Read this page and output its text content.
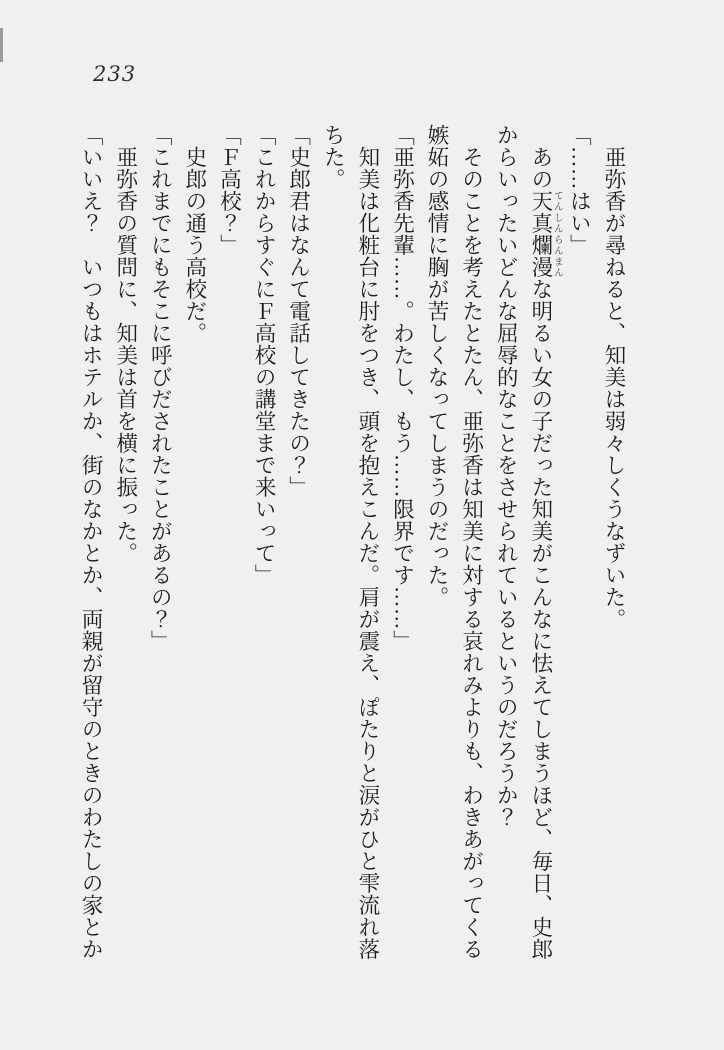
233

亜弥香が尋ねると、知美は弱々しくうなずいた。

「……はい」

あの天真爛漫 てんしんらんまんな明るい女の子だった知美がこんなに怯えてしまうほど、毎日、史郎からいったいどんな屈辱的なことをさせられているというのだろうか？

そのことを考えたとたん、亜弥香は知美に対する哀れみよりも、わきあがってくる嫉妬の感情に胸が苦しくなってしまうのだった。

「亜弥香先輩……。わたし、もう……限界です……」

知美は化粧台に肘をつき、頭を抱えこんだ。肩が震え、ぽたりと涙がひと雫流れ落ちた。

「史郎君はなんて電話してきたの？」

「これからすぐにＦ高校の講堂まで来いって」

「Ｆ高校？」

史郎の通う高校だ。

「これまでにもそこに呼びだされたことがあるの？」

亜弥香の質問に、知美は首を横に振った。

「いいえ？　いつもはホテルか、街のなかとか、両親が留守のときのわたしの家とか
